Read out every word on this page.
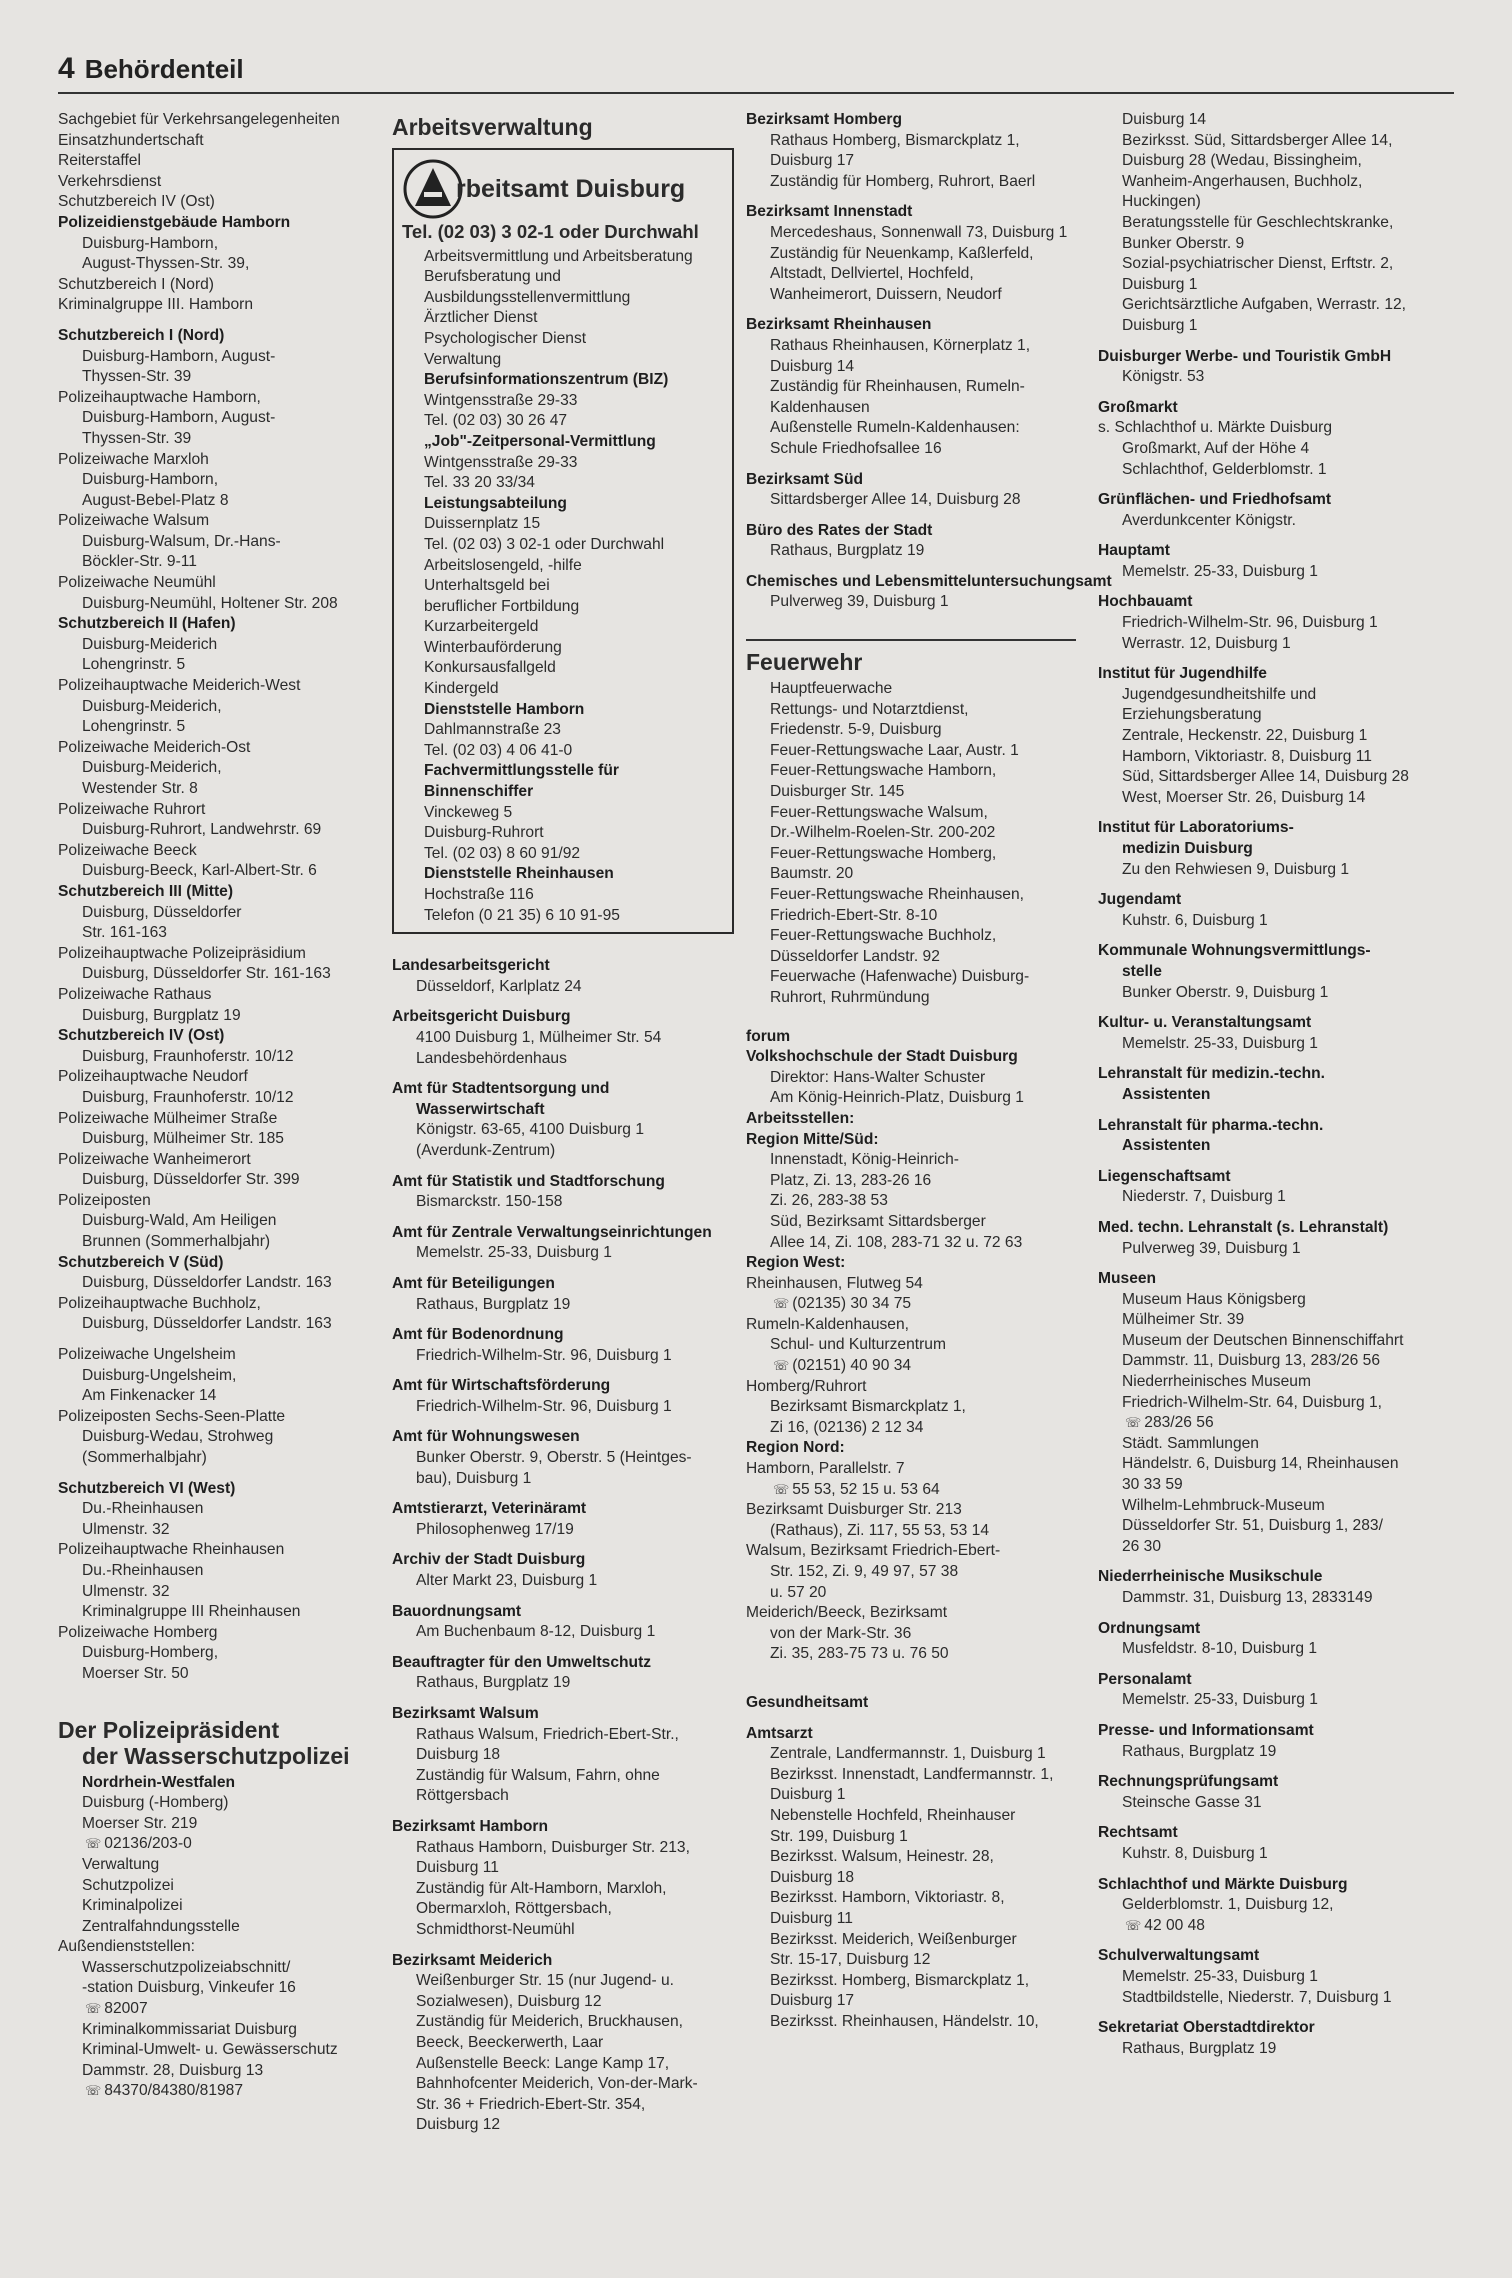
4 Behördenteil
Sachgebiet für Verkehrsangelegenheiten
Einsatzhundertschaft
Reiterstaffel
Verkehrsdienst
Schutzbereich IV (Ost)
Polizeidienstgebäude Hamborn
Duisburg-Hamborn,
August-Thyssen-Str. 39,
Schutzbereich I (Nord)
Kriminalgruppe III. Hamborn
Schutzbereich I (Nord)
Duisburg-Hamborn, August-
Thyssen-Str. 39
Polizeihauptwache Hamborn,
Duisburg-Hamborn, August-
Thyssen-Str. 39
Polizeiwache Marxloh
Duisburg-Hamborn,
August-Bebel-Platz 8
Polizeiwache Walsum
Duisburg-Walsum, Dr.-Hans-
Böckler-Str. 9-11
Polizeiwache Neumühl
Duisburg-Neumühl, Holtener Str. 208
Schutzbereich II (Hafen)
Duisburg-Meiderich
Lohengrinstr. 5
Polizeihauptwache Meiderich-West
Duisburg-Meiderich,
Lohengrinstr. 5
Polizeiwache Meiderich-Ost
Duisburg-Meiderich,
Westender Str. 8
Polizeiwache Ruhrort
Duisburg-Ruhrort, Landwehrstr. 69
Polizeiwache Beeck
Duisburg-Beeck, Karl-Albert-Str. 6
Schutzbereich III (Mitte)
Duisburg, Düsseldorfer
Str. 161-163
Polizeihauptwache Polizeipräsidium
Duisburg, Düsseldorfer Str. 161-163
Polizeiwache Rathaus
Duisburg, Burgplatz 19
Schutzbereich IV (Ost)
Duisburg, Fraunhoferstr. 10/12
Polizeihauptwache Neudorf
Duisburg, Fraunhoferstr. 10/12
Polizeiwache Mülheimer Straße
Duisburg, Mülheimer Str. 185
Polizeiwache Wanheimerort
Duisburg, Düsseldorfer Str. 399
Polizeiposten
Duisburg-Wald, Am Heiligen
Brunnen (Sommerhalbjahr)
Schutzbereich V (Süd)
Duisburg, Düsseldorfer Landstr. 163
Polizeihauptwache Buchholz,
Duisburg, Düsseldorfer Landstr. 163
Polizeiwache Ungelsheim
Duisburg-Ungelsheim,
Am Finkenacker 14
Polizeiposten Sechs-Seen-Platte
Duisburg-Wedau, Strohweg
(Sommerhalbjahr)
Schutzbereich VI (West)
Du.-Rheinhausen
Ulmenstr. 32
Polizeihauptwache Rheinhausen
Du.-Rheinhausen
Ulmenstr. 32
Kriminalgruppe III Rheinhausen
Polizeiwache Homberg
Duisburg-Homberg,
Moerser Str. 50
Der Polizeipräsident
der Wasserschutzpolizei
Nordrhein-Westfalen
Duisburg (-Homberg)
Moerser Str. 219
☏ 02136/203-0
Verwaltung
Schutzpolizei
Kriminalpolizei
Zentralfahndungsstelle
Außendienststellen:
Wasserschutzpolizeiabschnitt/
-station Duisburg, Vinkeufer 16
☏ 82007
Kriminalkommissariat Duisburg
Kriminal-Umwelt- u. Gewässerschutz
Dammstr. 28, Duisburg 13
☏ 84370/84380/81987
Arbeitsverwaltung
rbeitsamt Duisburg
Tel. (02 03) 3 02-1 oder Durchwahl
Arbeitsvermittlung und Arbeitsberatung
Berufsberatung und
Ausbildungsstellenvermittlung
Ärztlicher Dienst
Psychologischer Dienst
Verwaltung
Berufsinformationszentrum (BIZ)
Wintgensstraße 29-33
Tel. (02 03) 30 26 47
„Job"-Zeitpersonal-Vermittlung
Wintgensstraße 29-33
Tel. 33 20 33/34
Leistungsabteilung
Duissernplatz 15
Tel. (02 03) 3 02-1 oder Durchwahl
Arbeitslosengeld, -hilfe
Unterhaltsgeld bei
beruflicher Fortbildung
Kurzarbeitergeld
Winterbauförderung
Konkursausfallgeld
Kindergeld
Dienststelle Hamborn
Dahlmannstraße 23
Tel. (02 03) 4 06 41-0
Fachvermittlungsstelle für
Binnenschiffer
Vinckeweg 5
Duisburg-Ruhrort
Tel. (02 03) 8 60 91/92
Dienststelle Rheinhausen
Hochstraße 116
Telefon (0 21 35) 6 10 91-95
Landesarbeitsgericht
Düsseldorf, Karlplatz 24
Arbeitsgericht Duisburg
4100 Duisburg 1, Mülheimer Str. 54
Landesbehördenhaus
Amt für Stadtentsorgung und
Wasserwirtschaft
Königstr. 63-65, 4100 Duisburg 1
(Averdunk-Zentrum)
Amt für Statistik und Stadtforschung
Bismarckstr. 150-158
Amt für Zentrale Verwaltungseinrichtungen
Memelstr. 25-33, Duisburg 1
Amt für Beteiligungen
Rathaus, Burgplatz 19
Amt für Bodenordnung
Friedrich-Wilhelm-Str. 96, Duisburg 1
Amt für Wirtschaftsförderung
Friedrich-Wilhelm-Str. 96, Duisburg 1
Amt für Wohnungswesen
Bunker Oberstr. 9, Oberstr. 5 (Heintges-
bau), Duisburg 1
Amtstierarzt, Veterinäramt
Philosophenweg 17/19
Archiv der Stadt Duisburg
Alter Markt 23, Duisburg 1
Bauordnungsamt
Am Buchenbaum 8-12, Duisburg 1
Beauftragter für den Umweltschutz
Rathaus, Burgplatz 19
Bezirksamt Walsum
Rathaus Walsum, Friedrich-Ebert-Str.,
Duisburg 18
Zuständig für Walsum, Fahrn, ohne
Röttgersbach
Bezirksamt Hamborn
Rathaus Hamborn, Duisburger Str. 213,
Duisburg 11
Zuständig für Alt-Hamborn, Marxloh,
Obermarxloh, Röttgersbach,
Schmidthorst-Neumühl
Bezirksamt Meiderich
Weißenburger Str. 15 (nur Jugend- u.
Sozialwesen), Duisburg 12
Zuständig für Meiderich, Bruckhausen,
Beeck, Beeckerwerth, Laar
Außenstelle Beeck: Lange Kamp 17,
Bahnhofcenter Meiderich, Von-der-Mark-
Str. 36 + Friedrich-Ebert-Str. 354,
Duisburg 12
Bezirksamt Homberg
Rathaus Homberg, Bismarckplatz 1,
Duisburg 17
Zuständig für Homberg, Ruhrort, Baerl
Bezirksamt Innenstadt
Mercedeshaus, Sonnenwall 73, Duisburg 1
Zuständig für Neuenkamp, Kaßlerfeld,
Altstadt, Dellviertel, Hochfeld,
Wanheimerort, Duissern, Neudorf
Bezirksamt Rheinhausen
Rathaus Rheinhausen, Körnerplatz 1,
Duisburg 14
Zuständig für Rheinhausen, Rumeln-
Kaldenhausen
Außenstelle Rumeln-Kaldenhausen:
Schule Friedhofsallee 16
Bezirksamt Süd
Sittardsberger Allee 14, Duisburg 28
Büro des Rates der Stadt
Rathaus, Burgplatz 19
Chemisches und Lebensmitteluntersuchungsamt
Pulverweg 39, Duisburg 1
Feuerwehr
Hauptfeuerwache
Rettungs- und Notarztdienst,
Friedenstr. 5-9, Duisburg
Feuer-Rettungswache Laar, Austr. 1
Feuer-Rettungswache Hamborn,
Duisburger Str. 145
Feuer-Rettungswache Walsum,
Dr.-Wilhelm-Roelen-Str. 200-202
Feuer-Rettungswache Homberg,
Baumstr. 20
Feuer-Rettungswache Rheinhausen,
Friedrich-Ebert-Str. 8-10
Feuer-Rettungswache Buchholz,
Düsseldorfer Landstr. 92
Feuerwache (Hafenwache) Duisburg-
Ruhrort, Ruhrmündung
forum
Volkshochschule der Stadt Duisburg
Direktor: Hans-Walter Schuster
Am König-Heinrich-Platz, Duisburg 1
Arbeitsstellen:
Region Mitte/Süd:
Innenstadt, König-Heinrich-
Platz, Zi. 13, 283-26 16
Zi. 26, 283-38 53
Süd, Bezirksamt Sittardsberger
Allee 14, Zi. 108, 283-71 32 u. 72 63
Region West:
Rheinhausen, Flutweg 54
☏ (02135) 30 34 75
Rumeln-Kaldenhausen,
Schul- und Kulturzentrum
☏ (02151) 40 90 34
Homberg/Ruhrort
Bezirksamt Bismarckplatz 1,
Zi 16, (02136) 2 12 34
Region Nord:
Hamborn, Parallelstr. 7
☏ 55 53, 52 15 u. 53 64
Bezirksamt Duisburger Str. 213
(Rathaus), Zi. 117, 55 53, 53 14
Walsum, Bezirksamt Friedrich-Ebert-
Str. 152, Zi. 9, 49 97, 57 38
u. 57 20
Meiderich/Beeck, Bezirksamt
von der Mark-Str. 36
Zi. 35, 283-75 73 u. 76 50
Gesundheitsamt
Amtsarzt
Zentrale, Landfermannstr. 1, Duisburg 1
Bezirksst. Innenstadt, Landfermannstr. 1,
Duisburg 1
Nebenstelle Hochfeld, Rheinhauser
Str. 199, Duisburg 1
Bezirksst. Walsum, Heinestr. 28,
Duisburg 18
Bezirksst. Hamborn, Viktoriastr. 8,
Duisburg 11
Bezirksst. Meiderich, Weißenburger
Str. 15-17, Duisburg 12
Bezirksst. Homberg, Bismarckplatz 1,
Duisburg 17
Bezirksst. Rheinhausen, Händelstr. 10,
Duisburg 14
Bezirksst. Süd, Sittardsberger Allee 14,
Duisburg 28 (Wedau, Bissingheim,
Wanheim-Angerhausen, Buchholz,
Huckingen)
Beratungsstelle für Geschlechtskranke,
Bunker Oberstr. 9
Sozial-psychiatrischer Dienst, Erftstr. 2,
Duisburg 1
Gerichtsärztliche Aufgaben, Werrastr. 12,
Duisburg 1
Duisburger Werbe- und Touristik GmbH
Königstr. 53
Großmarkt
s. Schlachthof u. Märkte Duisburg
Großmarkt, Auf der Höhe 4
Schlachthof, Gelderblomstr. 1
Grünflächen- und Friedhofsamt
Averdunkcenter Königstr.
Hauptamt
Memelstr. 25-33, Duisburg 1
Hochbauamt
Friedrich-Wilhelm-Str. 96, Duisburg 1
Werrastr. 12, Duisburg 1
Institut für Jugendhilfe
Jugendgesundheitshilfe und
Erziehungsberatung
Zentrale, Heckenstr. 22, Duisburg 1
Hamborn, Viktoriastr. 8, Duisburg 11
Süd, Sittardsberger Allee 14, Duisburg 28
West, Moerser Str. 26, Duisburg 14
Institut für Laboratoriums-
medizin Duisburg
Zu den Rehwiesen 9, Duisburg 1
Jugendamt
Kuhstr. 6, Duisburg 1
Kommunale Wohnungsvermittlungs-
stelle
Bunker Oberstr. 9, Duisburg 1
Kultur- u. Veranstaltungsamt
Memelstr. 25-33, Duisburg 1
Lehranstalt für medizin.-techn.
Assistenten
Lehranstalt für pharma.-techn.
Assistenten
Liegenschaftsamt
Niederstr. 7, Duisburg 1
Med. techn. Lehranstalt (s. Lehranstalt)
Pulverweg 39, Duisburg 1
Museen
Museum Haus Königsberg
Mülheimer Str. 39
Museum der Deutschen Binnenschiffahrt
Dammstr. 11, Duisburg 13, 283/26 56
Niederrheinisches Museum
Friedrich-Wilhelm-Str. 64, Duisburg 1,
☏ 283/26 56
Städt. Sammlungen
Händelstr. 6, Duisburg 14, Rheinhausen
30 33 59
Wilhelm-Lehmbruck-Museum
Düsseldorfer Str. 51, Duisburg 1, 283/
26 30
Niederrheinische Musikschule
Dammstr. 31, Duisburg 13, 2833149
Ordnungsamt
Musfeldstr. 8-10, Duisburg 1
Personalamt
Memelstr. 25-33, Duisburg 1
Presse- und Informationsamt
Rathaus, Burgplatz 19
Rechnungsprüfungsamt
Steinsche Gasse 31
Rechtsamt
Kuhstr. 8, Duisburg 1
Schlachthof und Märkte Duisburg
Gelderblomstr. 1, Duisburg 12,
☏ 42 00 48
Schulverwaltungsamt
Memelstr. 25-33, Duisburg 1
Stadtbildstelle, Niederstr. 7, Duisburg 1
Sekretariat Oberstadtdirektor
Rathaus, Burgplatz 19
